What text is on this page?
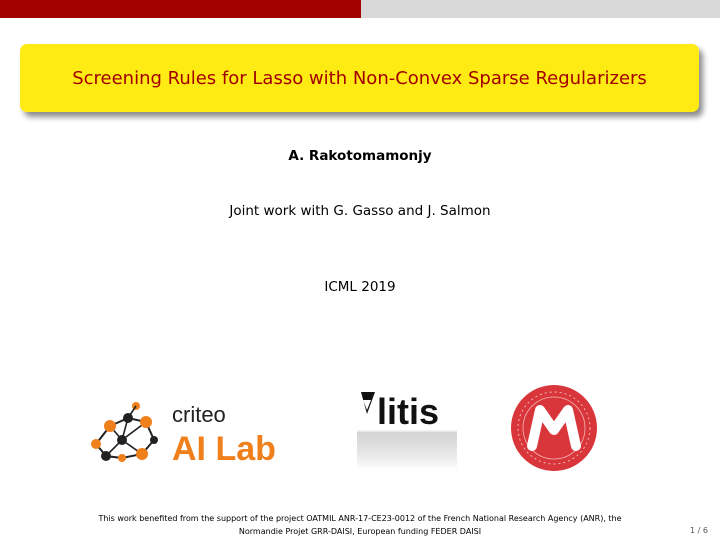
Screening Rules for Lasso with Non-Convex Sparse Regularizers
A. Rakotomamonjy
Joint work with G. Gasso and J. Salmon
ICML 2019
criteo
AI Lab
litis
This work benefited from the support of the project OATMIL ANR-17-CE23-0012 of the French National Research Agency (ANR), the
Normandie Projet GRR-DAISI, European funding FEDER DAISI	1 / 6
